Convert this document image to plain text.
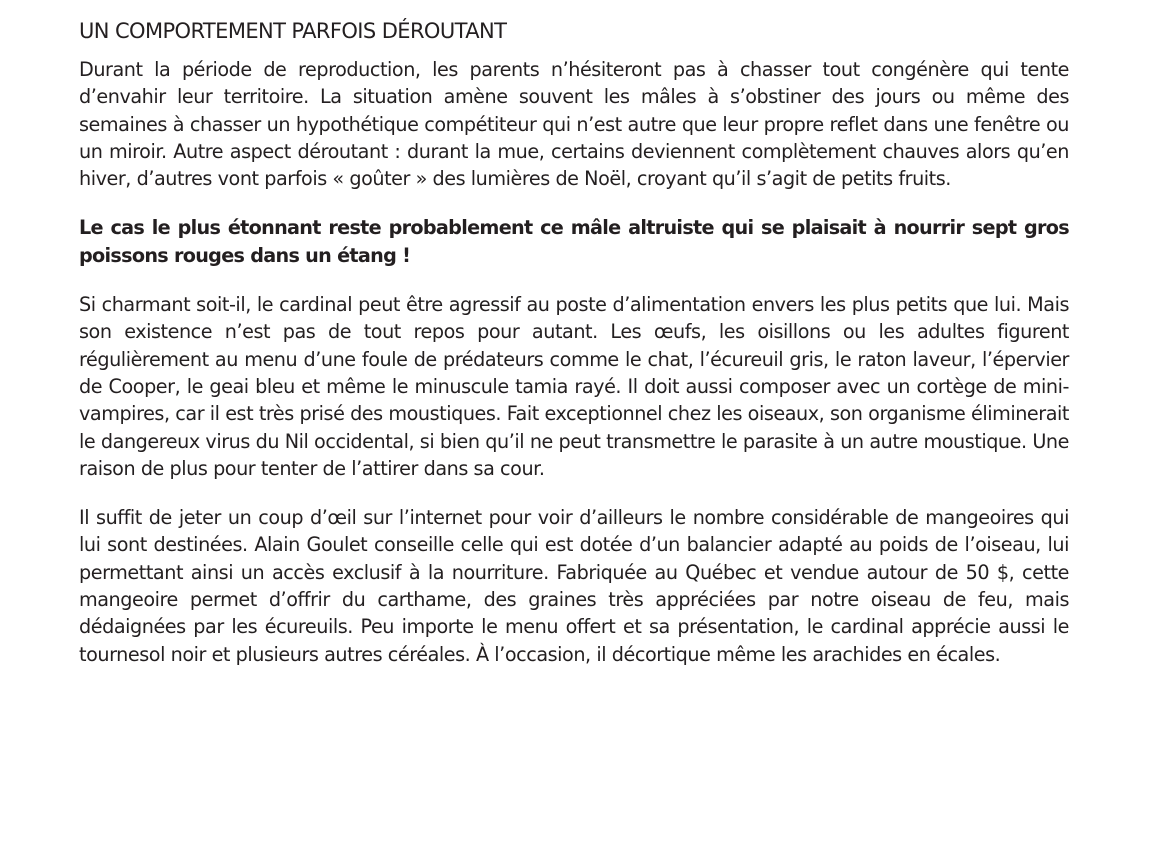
UN COMPORTEMENT PARFOIS DÉROUTANT

Durant la période de reproduction, les parents n’hésiteront pas à chasser tout congénère qui tente d’envahir leur territoire. La situation amène souvent les mâles à s’obstiner des jours ou même des semaines à chasser un hypothétique compétiteur qui n’est autre que leur propre reflet dans une fenêtre ou un miroir. Autre aspect déroutant : durant la mue, certains deviennent complètement chauves alors qu’en hiver, d’autres vont parfois « goûter » des lumières de Noël, croyant qu’il s’agit de petits fruits.

Le cas le plus étonnant reste probablement ce mâle altruiste qui se plaisait à nourrir sept gros poissons rouges dans un étang !

Si charmant soit-il, le cardinal peut être agressif au poste d’alimentation envers les plus petits que lui. Mais son existence n’est pas de tout repos pour autant. Les œufs, les oisillons ou les adultes figurent régulièrement au menu d’une foule de prédateurs comme le chat, l’écureuil gris, le raton laveur, l’épervier de Cooper, le geai bleu et même le minuscule tamia rayé. Il doit aussi composer avec un cortège de mini-vampires, car il est très prisé des moustiques. Fait exceptionnel chez les oiseaux, son organisme éliminerait le dangereux virus du Nil occidental, si bien qu’il ne peut transmettre le parasite à un autre moustique. Une raison de plus pour tenter de l’attirer dans sa cour.

Il suffit de jeter un coup d’œil sur l’internet pour voir d’ailleurs le nombre considérable de mangeoires qui lui sont destinées. Alain Goulet conseille celle qui est dotée d’un balancier adapté au poids de l’oiseau, lui permettant ainsi un accès exclusif à la nourriture. Fabriquée au Québec et vendue autour de 50 $, cette mangeoire permet d’offrir du carthame, des graines très appréciées par notre oiseau de feu, mais dédaignées par les écureuils. Peu importe le menu offert et sa présentation, le cardinal apprécie aussi le tournesol noir et plusieurs autres céréales. À l’occasion, il décortique même les arachides en écales.
